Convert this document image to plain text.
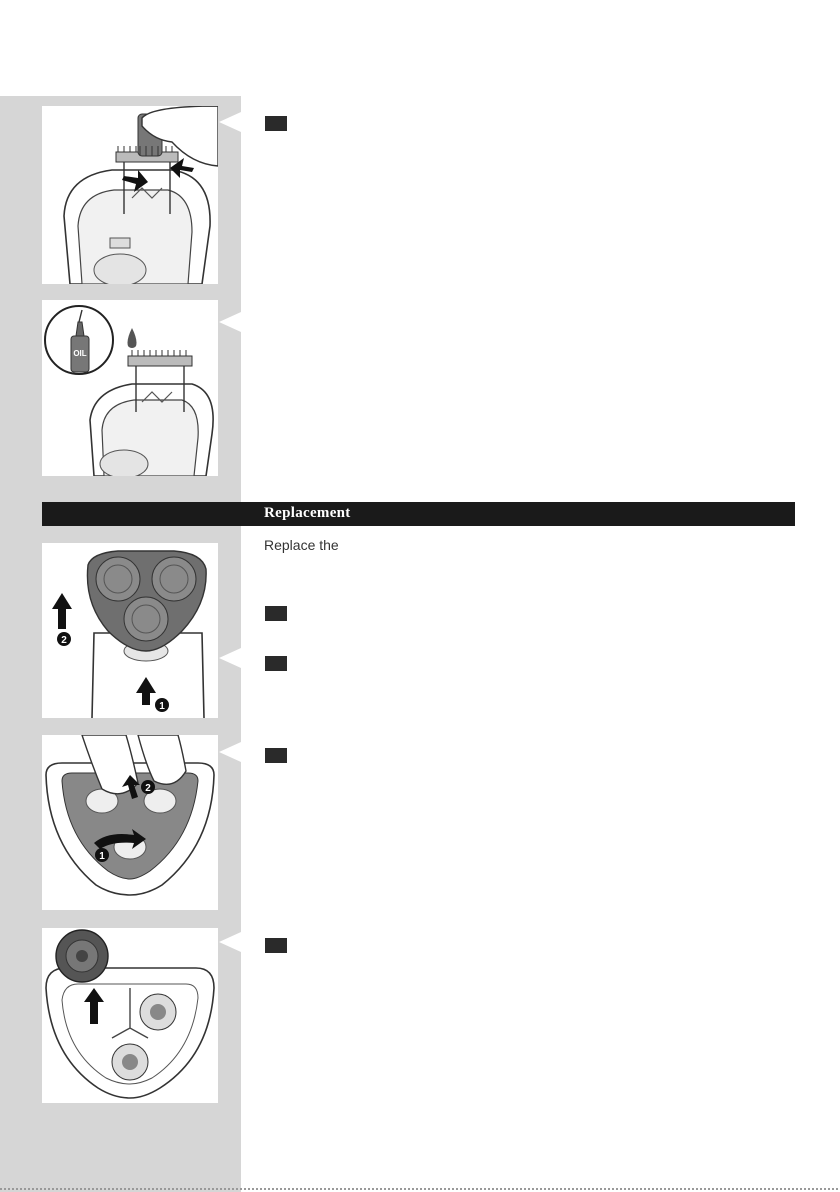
OIL
Replacement
Replace the
2
1
2
1
